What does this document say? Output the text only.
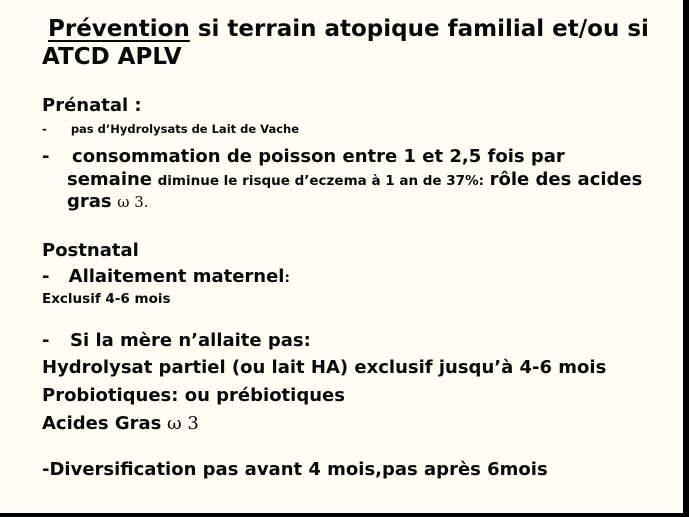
Prévention si terrain atopique familial et/ou si
ATCD APLV
Prénatal :
- pas d’Hydrolysats de Lait de Vache
- consommation de poisson entre 1 et 2,5 fois par
semaine diminue le risque d’eczema à 1 an de 37%: rôle des acides
gras ω 3.
Postnatal
- Allaitement maternel:
Exclusif 4-6 mois
- Si la mère n’allaite pas:
Hydrolysat partiel (ou lait HA) exclusif jusqu’à 4-6 mois
Probiotiques: ou prébiotiques
Acides Gras ω 3
-Diversification pas avant 4 mois,pas après 6mois
